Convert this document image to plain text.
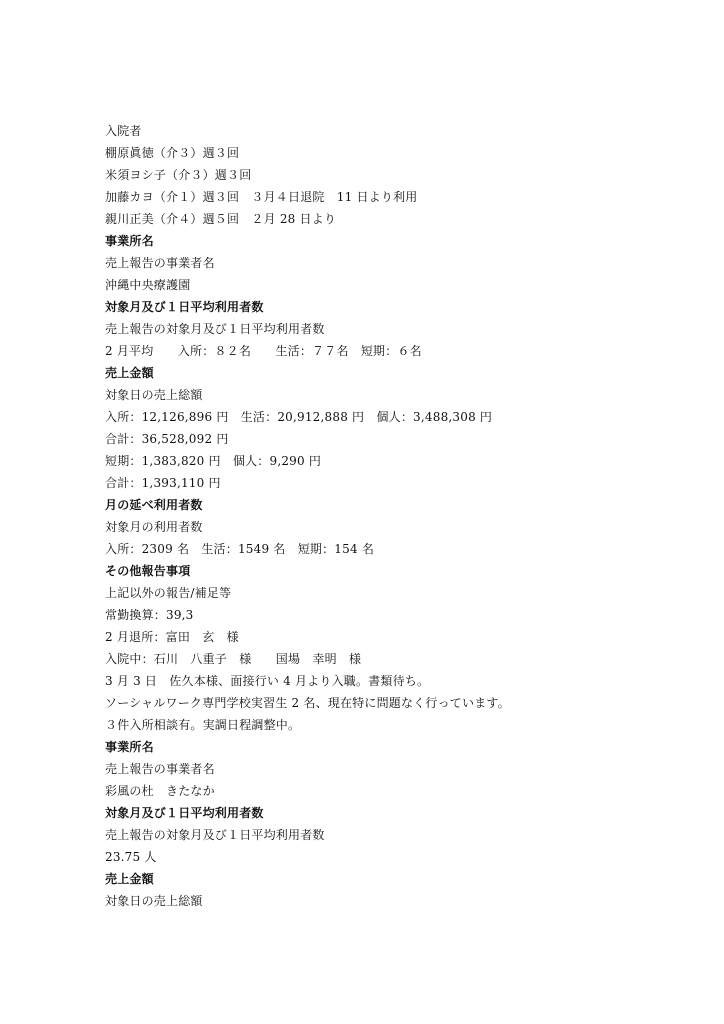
入院者
棚原眞徳（介３）週３回
米須ヨシ子（介３）週３回
加藤カヨ（介１）週３回　３月４日退院　11 日より利用
親川正美（介４）週５回　２月 28 日より
事業所名
売上報告の事業者名
沖縄中央療護園
対象月及び１日平均利用者数
売上報告の対象月及び１日平均利用者数
2 月平均　　入所：８２名　　生活：７７名　短期：６名
売上金額
対象日の売上総額
入所：12,126,896 円　生活：20,912,888 円　個人：3,488,308 円
合計：36,528,092 円
短期：1,383,820 円　個人：9,290 円
合計：1,393,110 円
月の延べ利用者数
対象月の利用者数
入所：2309 名　生活：1549 名　短期：154 名
その他報告事項
上記以外の報告/補足等
常勤換算：39,3
2 月退所：富田　玄　様
入院中：石川　八重子　様　　国場　幸明　様
3 月 3 日　佐久本様、面接行い 4 月より入職。書類待ち。
ソーシャルワーク専門学校実習生 2 名、現在特に問題なく行っています。
３件入所相談有。実調日程調整中。
事業所名
売上報告の事業者名
彩風の杜　きたなか
対象月及び１日平均利用者数
売上報告の対象月及び１日平均利用者数
23.75 人
売上金額
対象日の売上総額
